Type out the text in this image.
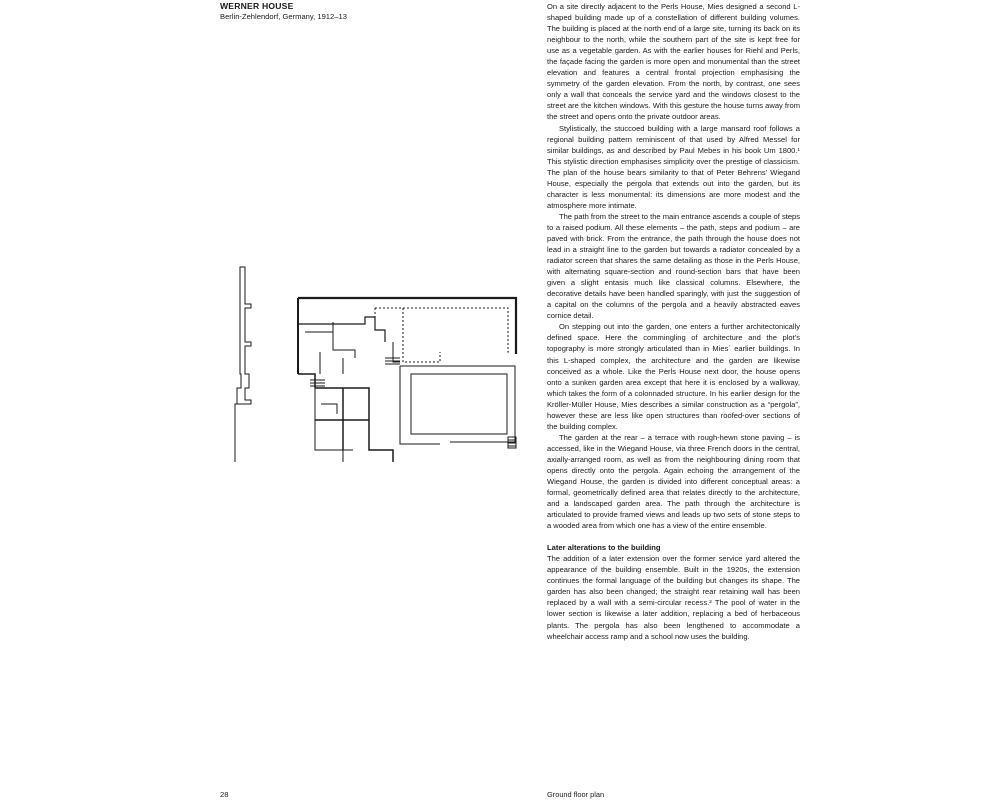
WERNER HOUSE

Berlin-Zehlendorf, Germany, 1912–13

On a site directly adjacent to the Perls House, Mies designed a second L-shaped building made up of a constellation of different building volumes. The building is placed at the north end of a large site, turning its back on its neighbour to the north, while the southern part of the site is kept free for use as a vegetable garden. As with the earlier houses for Riehl and Perls, the façade facing the garden is more open and monumental than the street elevation and features a central frontal projection emphasising the symmetry of the garden elevation. From the north, by contrast, one sees only a wall that conceals the service yard and the windows closest to the street are the kitchen windows. With this gesture the house turns away from the street and opens onto the private outdoor areas.

Stylistically, the stuccoed building with a large mansard roof follows a regional building pattern reminiscent of that used by Alfred Messel for similar buildings, as and described by Paul Mebes in his book Um 1800.¹ This stylistic direction emphasises simplicity over the prestige of classicism. The plan of the house bears similarity to that of Peter Behrens’ Wiegand House, especially the pergola that extends out into the garden, but its character is less monumental: its dimensions are more modest and the atmosphere more intimate.

The path from the street to the main entrance ascends a couple of steps to a raised podium. All these elements – the path, steps and podium – are paved with brick. From the entrance, the path through the house does not lead in a straight line to the garden but towards a radiator concealed by a radiator screen that shares the same detailing as those in the Perls House, with alternating square-section and round-section bars that have been given a slight entasis much like classical columns. Elsewhere, the decorative details have been handled sparingly, with just the suggestion of a capital on the columns of the pergola and a heavily abstracted eaves cornice detail.

On stepping out into the garden, one enters a further architectonically defined space. Here the commingling of architecture and the plot’s topography is more strongly articulated than in Mies´ earlier buildings. In this L-shaped complex, the architecture and the garden are likewise conceived as a whole. Like the Perls House next door, the house opens onto a sunken garden area except that here it is enclosed by a walkway, which takes the form of a colonnaded structure. In his earlier design for the Kröller-Müller House, Mies describes a similar construction as a “pergola”, however these are less like open structures than roofed-over sections of the building complex.

The garden at the rear – a terrace with rough-hewn stone paving – is accessed, like in the Wiegand House, via three French doors in the central, axially-arranged room, as well as from the neighbouring dining room that opens directly onto the pergola. Again echoing the arrangement of the Wiegand House, the garden is divided into different conceptual areas: a formal, geometrically defined area that relates directly to the architecture, and a landscaped garden area. The path through the architecture is articulated to provide framed views and leads up two sets of stone steps to a wooded area from which one has a view of the entire ensemble.

Later alterations to the building

The addition of a later extension over the former service yard altered the appearance of the building ensemble. Built in the 1920s, the extension continues the formal language of the building but changes its shape. The garden has also been changed; the straight rear retaining wall has been replaced by a wall with a semi-circular recess.² The pool of water in the lower section is likewise a later addition, replacing a bed of herbaceous plants. The pergola has also been lengthened to accommodate a wheelchair access ramp and a school now uses the building.

28	Ground floor plan
